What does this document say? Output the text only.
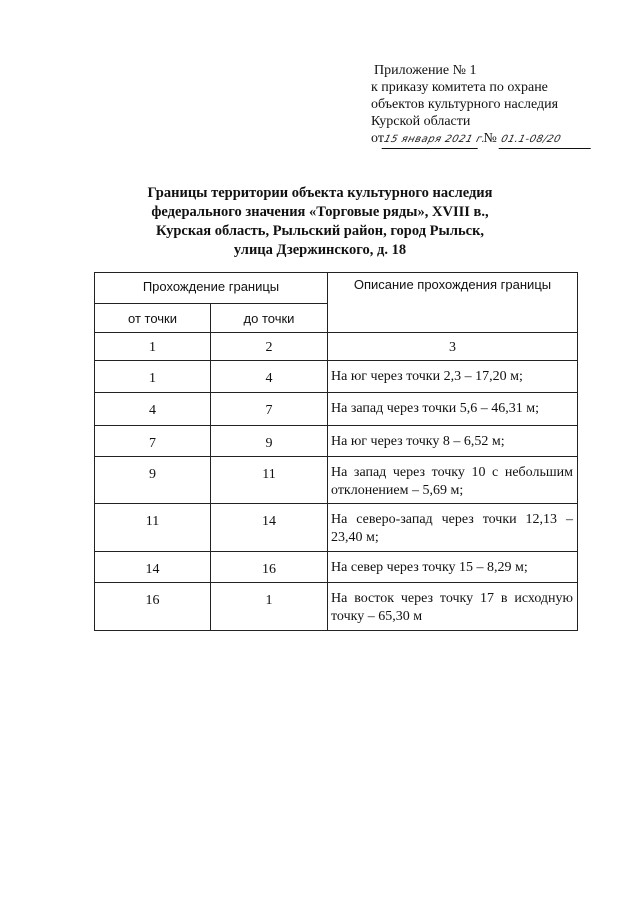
Приложение № 1
к приказу комитета по охране
объектов культурного наследия
Курской области
от15 января 2021 г. № 01.1-08/20
Границы территории объекта культурного наследия
федерального значения «Торговые ряды», XVIII в.,
Курская область, Рыльский район, город Рыльск,
улица Дзержинского, д. 18
Прохождение границы		Описание прохождения границы

от точки	до точки	

1	2	3
1	4	На юг через точки 2,3 – 17,20 м;
4	7	На запад через точки 5,6 – 46,31 м;
7	9	На юг через точку 8 – 6,52 м;
9	11	На запад через точку 10 с небольшим отклонением – 5,69 м;
11	14	На северо-запад через точки 12,13 – 23,40 м;
14	16	На север через точку 15 – 8,29 м;
16	1	На восток через точку 17 в исходную точку – 65,30 м
